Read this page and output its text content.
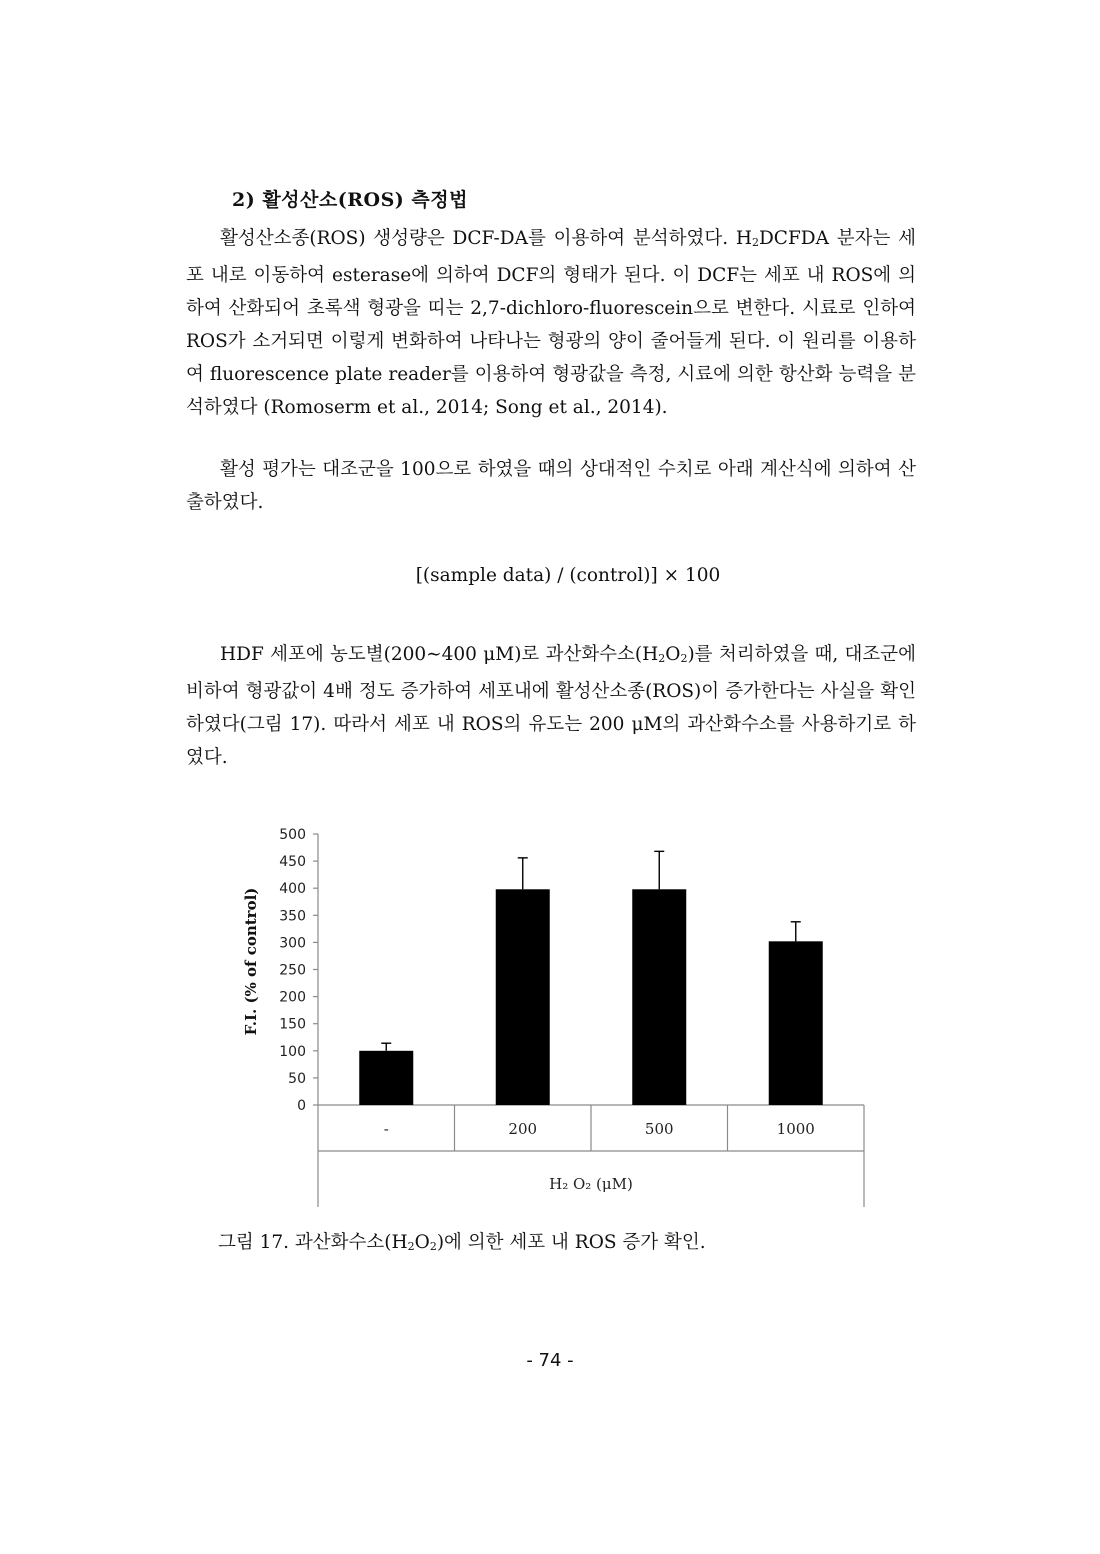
2) 활성산소(ROS) 측정법
활성산소종(ROS) 생성량은 DCF-DA를 이용하여 분석하였다. $H_2DCFDA$ 분자는 세포 내로 이동하여 esterase에 의하여 DCF의 형태가 된다. 이 DCF는 세포 내 ROS에 의하여 산화되어 초록색 형광을 띠는 2,7-dichloro-fluorescein으로 변한다. 시료로 인하여 ROS가 소거되면 이렇게 변화하여 나타나는 형광의 양이 줄어들게 된다. 이 원리를 이용하여 fluorescence plate reader를 이용하여 형광값을 측정, 시료에 의한 항산화 능력을 분석하였다 (Romoserm et al., 2014; Song et al., 2014).
활성 평가는 대조군을 100으로 하였을 때의 상대적인 수치로 아래 계산식에 의하여 산출하였다.
[(sample data) / (control)] × 100
HDF 세포에 농도별(200∼400 μM)로 과산화수소$(H_2O_2)$를 처리하였을 때, 대조군에 비하여 형광값이 4배 정도 증가하여 세포내에 활성산소종(ROS)이 증가한다는 사실을 확인하였다(그림 17). 따라서 세포 내 ROS의 유도는 200 μM의 과산화수소를 사용하기로 하였다.
0
50
100
150
200
250
300
350
400
450
500
-	200	500	1000
H₂ O₂ (μM)
F.I. (% of control)
그림 17. 과산화수소$(H_2O_2)$에 의한 세포 내 ROS 증가 확인.
- 74 -
